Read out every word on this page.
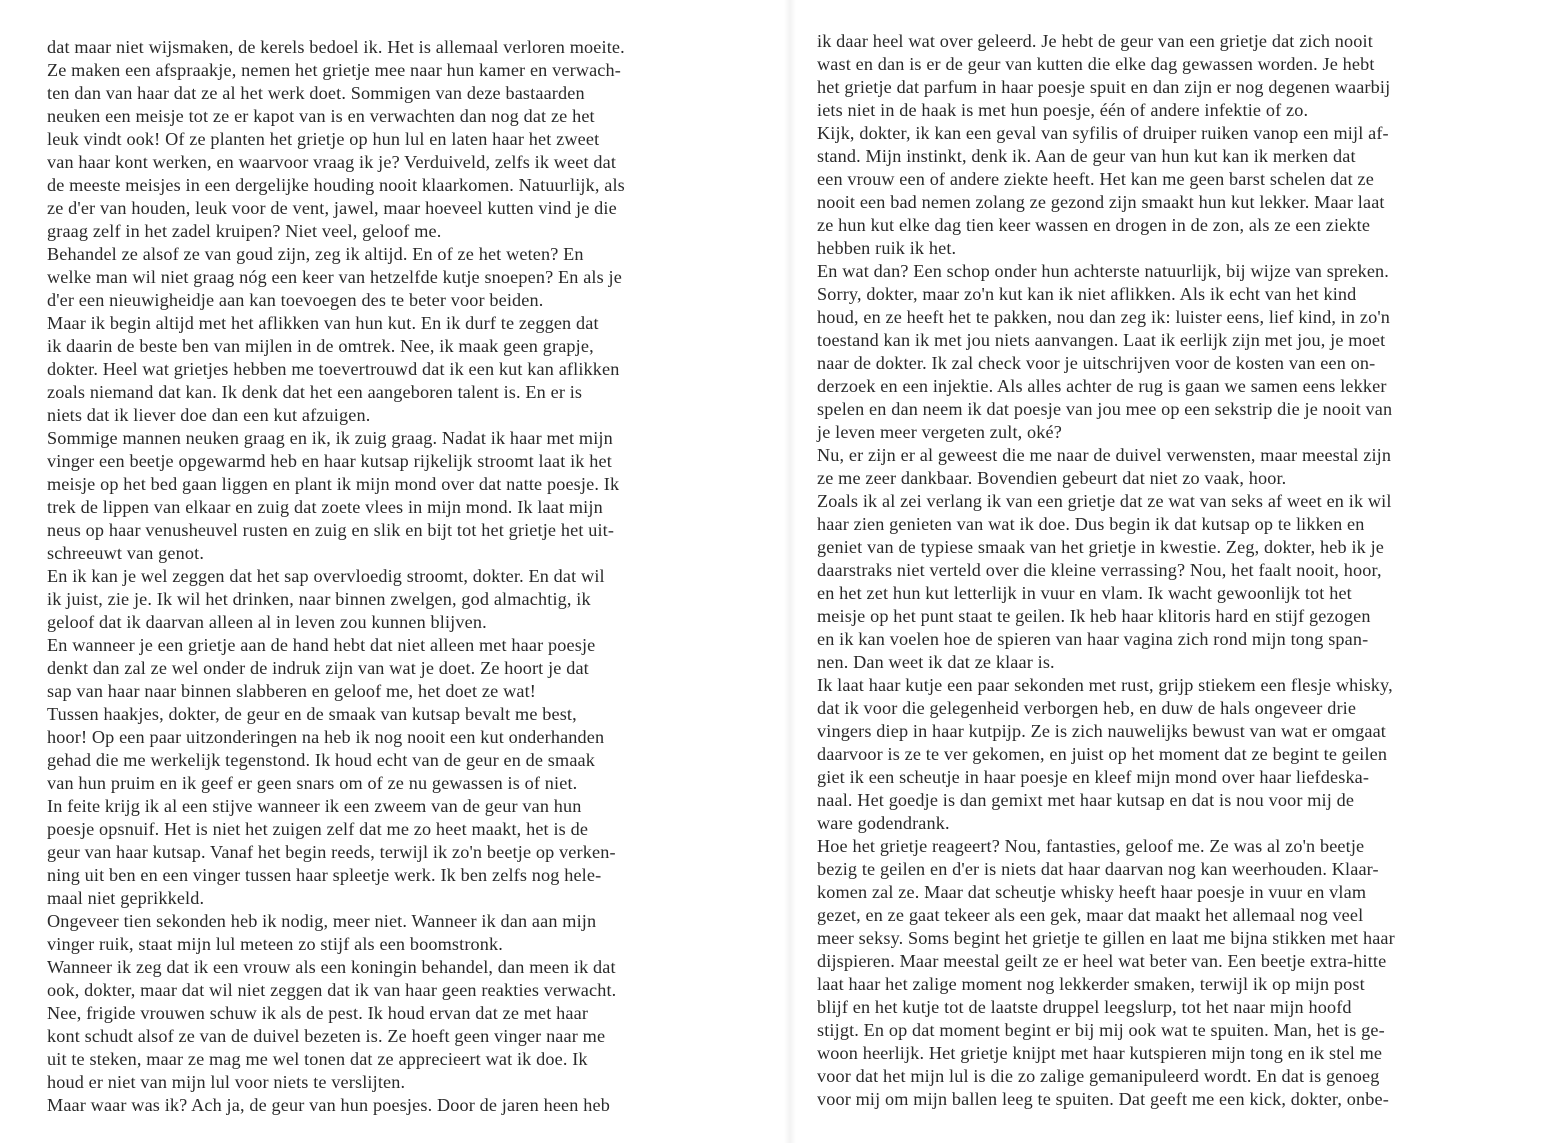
dat maar niet wijsmaken, de kerels bedoel ik. Het is allemaal verloren moeite.

Ze maken een afspraakje, nemen het grietje mee naar hun kamer en verwach-

ten dan van haar dat ze al het werk doet. Sommigen van deze bastaarden

neuken een meisje tot ze er kapot van is en verwachten dan nog dat ze het

leuk vindt ook! Of ze planten het grietje op hun lul en laten haar het zweet

van haar kont werken, en waarvoor vraag ik je? Verduiveld, zelfs ik weet dat

de meeste meisjes in een dergelijke houding nooit klaarkomen. Natuurlijk, als

ze d'er van houden, leuk voor de vent, jawel, maar hoeveel kutten vind je die

graag zelf in het zadel kruipen? Niet veel, geloof me.

Behandel ze alsof ze van goud zijn, zeg ik altijd. En of ze het weten? En

welke man wil niet graag nóg een keer van hetzelfde kutje snoepen? En als je

d'er een nieuwigheidje aan kan toevoegen des te beter voor beiden.

Maar ik begin altijd met het aflikken van hun kut. En ik durf te zeggen dat

ik daarin de beste ben van mijlen in de omtrek. Nee, ik maak geen grapje,

dokter. Heel wat grietjes hebben me toevertrouwd dat ik een kut kan aflikken

zoals niemand dat kan. Ik denk dat het een aangeboren talent is. En er is

niets dat ik liever doe dan een kut afzuigen.

Sommige mannen neuken graag en ik, ik zuig graag. Nadat ik haar met mijn

vinger een beetje opgewarmd heb en haar kutsap rijkelijk stroomt laat ik het

meisje op het bed gaan liggen en plant ik mijn mond over dat natte poesje. Ik

trek de lippen van elkaar en zuig dat zoete vlees in mijn mond. Ik laat mijn

neus op haar venusheuvel rusten en zuig en slik en bijt tot het grietje het uit-

schreeuwt van genot.

En ik kan je wel zeggen dat het sap overvloedig stroomt, dokter. En dat wil

ik juist, zie je. Ik wil het drinken, naar binnen zwelgen, god almachtig, ik

geloof dat ik daarvan alleen al in leven zou kunnen blijven.

En wanneer je een grietje aan de hand hebt dat niet alleen met haar poesje

denkt dan zal ze wel onder de indruk zijn van wat je doet. Ze hoort je dat

sap van haar naar binnen slabberen en geloof me, het doet ze wat!

Tussen haakjes, dokter, de geur en de smaak van kutsap bevalt me best,

hoor! Op een paar uitzonderingen na heb ik nog nooit een kut onderhanden

gehad die me werkelijk tegenstond. Ik houd echt van de geur en de smaak

van hun pruim en ik geef er geen snars om of ze nu gewassen is of niet.

In feite krijg ik al een stijve wanneer ik een zweem van de geur van hun

poesje opsnuif. Het is niet het zuigen zelf dat me zo heet maakt, het is de

geur van haar kutsap. Vanaf het begin reeds, terwijl ik zo'n beetje op verken-

ning uit ben en een vinger tussen haar spleetje werk. Ik ben zelfs nog hele-

maal niet geprikkeld.

Ongeveer tien sekonden heb ik nodig, meer niet. Wanneer ik dan aan mijn

vinger ruik, staat mijn lul meteen zo stijf als een boomstronk.

Wanneer ik zeg dat ik een vrouw als een koningin behandel, dan meen ik dat

ook, dokter, maar dat wil niet zeggen dat ik van haar geen reakties verwacht.

Nee, frigide vrouwen schuw ik als de pest. Ik houd ervan dat ze met haar

kont schudt alsof ze van de duivel bezeten is. Ze hoeft geen vinger naar me

uit te steken, maar ze mag me wel tonen dat ze apprecieert wat ik doe. Ik

houd er niet van mijn lul voor niets te verslijten.

Maar waar was ik? Ach ja, de geur van hun poesjes. Door de jaren heen heb

ik daar heel wat over geleerd. Je hebt de geur van een grietje dat zich nooit

wast en dan is er de geur van kutten die elke dag gewassen worden. Je hebt

het grietje dat parfum in haar poesje spuit en dan zijn er nog degenen waarbij

iets niet in de haak is met hun poesje, één of andere infektie of zo.

Kijk, dokter, ik kan een geval van syfilis of druiper ruiken vanop een mijl af-

stand. Mijn instinkt, denk ik. Aan de geur van hun kut kan ik merken dat

een vrouw een of andere ziekte heeft. Het kan me geen barst schelen dat ze

nooit een bad nemen zolang ze gezond zijn smaakt hun kut lekker. Maar laat

ze hun kut elke dag tien keer wassen en drogen in de zon, als ze een ziekte

hebben ruik ik het.

En wat dan? Een schop onder hun achterste natuurlijk, bij wijze van spreken.

Sorry, dokter, maar zo'n kut kan ik niet aflikken. Als ik echt van het kind

houd, en ze heeft het te pakken, nou dan zeg ik: luister eens, lief kind, in zo'n

toestand kan ik met jou niets aanvangen. Laat ik eerlijk zijn met jou, je moet

naar de dokter. Ik zal check voor je uitschrijven voor de kosten van een on-

derzoek en een injektie. Als alles achter de rug is gaan we samen eens lekker

spelen en dan neem ik dat poesje van jou mee op een sekstrip die je nooit van

je leven meer vergeten zult, oké?

Nu, er zijn er al geweest die me naar de duivel verwensten, maar meestal zijn

ze me zeer dankbaar. Bovendien gebeurt dat niet zo vaak, hoor.

Zoals ik al zei verlang ik van een grietje dat ze wat van seks af weet en ik wil

haar zien genieten van wat ik doe. Dus begin ik dat kutsap op te likken en

geniet van de typiese smaak van het grietje in kwestie. Zeg, dokter, heb ik je

daarstraks niet verteld over die kleine verrassing? Nou, het faalt nooit, hoor,

en het zet hun kut letterlijk in vuur en vlam. Ik wacht gewoonlijk tot het

meisje op het punt staat te geilen. Ik heb haar klitoris hard en stijf gezogen

en ik kan voelen hoe de spieren van haar vagina zich rond mijn tong span-

nen. Dan weet ik dat ze klaar is.

Ik laat haar kutje een paar sekonden met rust, grijp stiekem een flesje whisky,

dat ik voor die gelegenheid verborgen heb, en duw de hals ongeveer drie

vingers diep in haar kutpijp. Ze is zich nauwelijks bewust van wat er omgaat

daarvoor is ze te ver gekomen, en juist op het moment dat ze begint te geilen

giet ik een scheutje in haar poesje en kleef mijn mond over haar liefdeska-

naal. Het goedje is dan gemixt met haar kutsap en dat is nou voor mij de

ware godendrank.

Hoe het grietje reageert? Nou, fantasties, geloof me. Ze was al zo'n beetje

bezig te geilen en d'er is niets dat haar daarvan nog kan weerhouden. Klaar-

komen zal ze. Maar dat scheutje whisky heeft haar poesje in vuur en vlam

gezet, en ze gaat tekeer als een gek, maar dat maakt het allemaal nog veel

meer seksy. Soms begint het grietje te gillen en laat me bijna stikken met haar

dijspieren. Maar meestal geilt ze er heel wat beter van. Een beetje extra-hitte

laat haar het zalige moment nog lekkerder smaken, terwijl ik op mijn post

blijf en het kutje tot de laatste druppel leegslurp, tot het naar mijn hoofd

stijgt. En op dat moment begint er bij mij ook wat te spuiten. Man, het is ge-

woon heerlijk. Het grietje knijpt met haar kutspieren mijn tong en ik stel me

voor dat het mijn lul is die zo zalige gemanipuleerd wordt. En dat is genoeg

voor mij om mijn ballen leeg te spuiten. Dat geeft me een kick, dokter, onbe-
